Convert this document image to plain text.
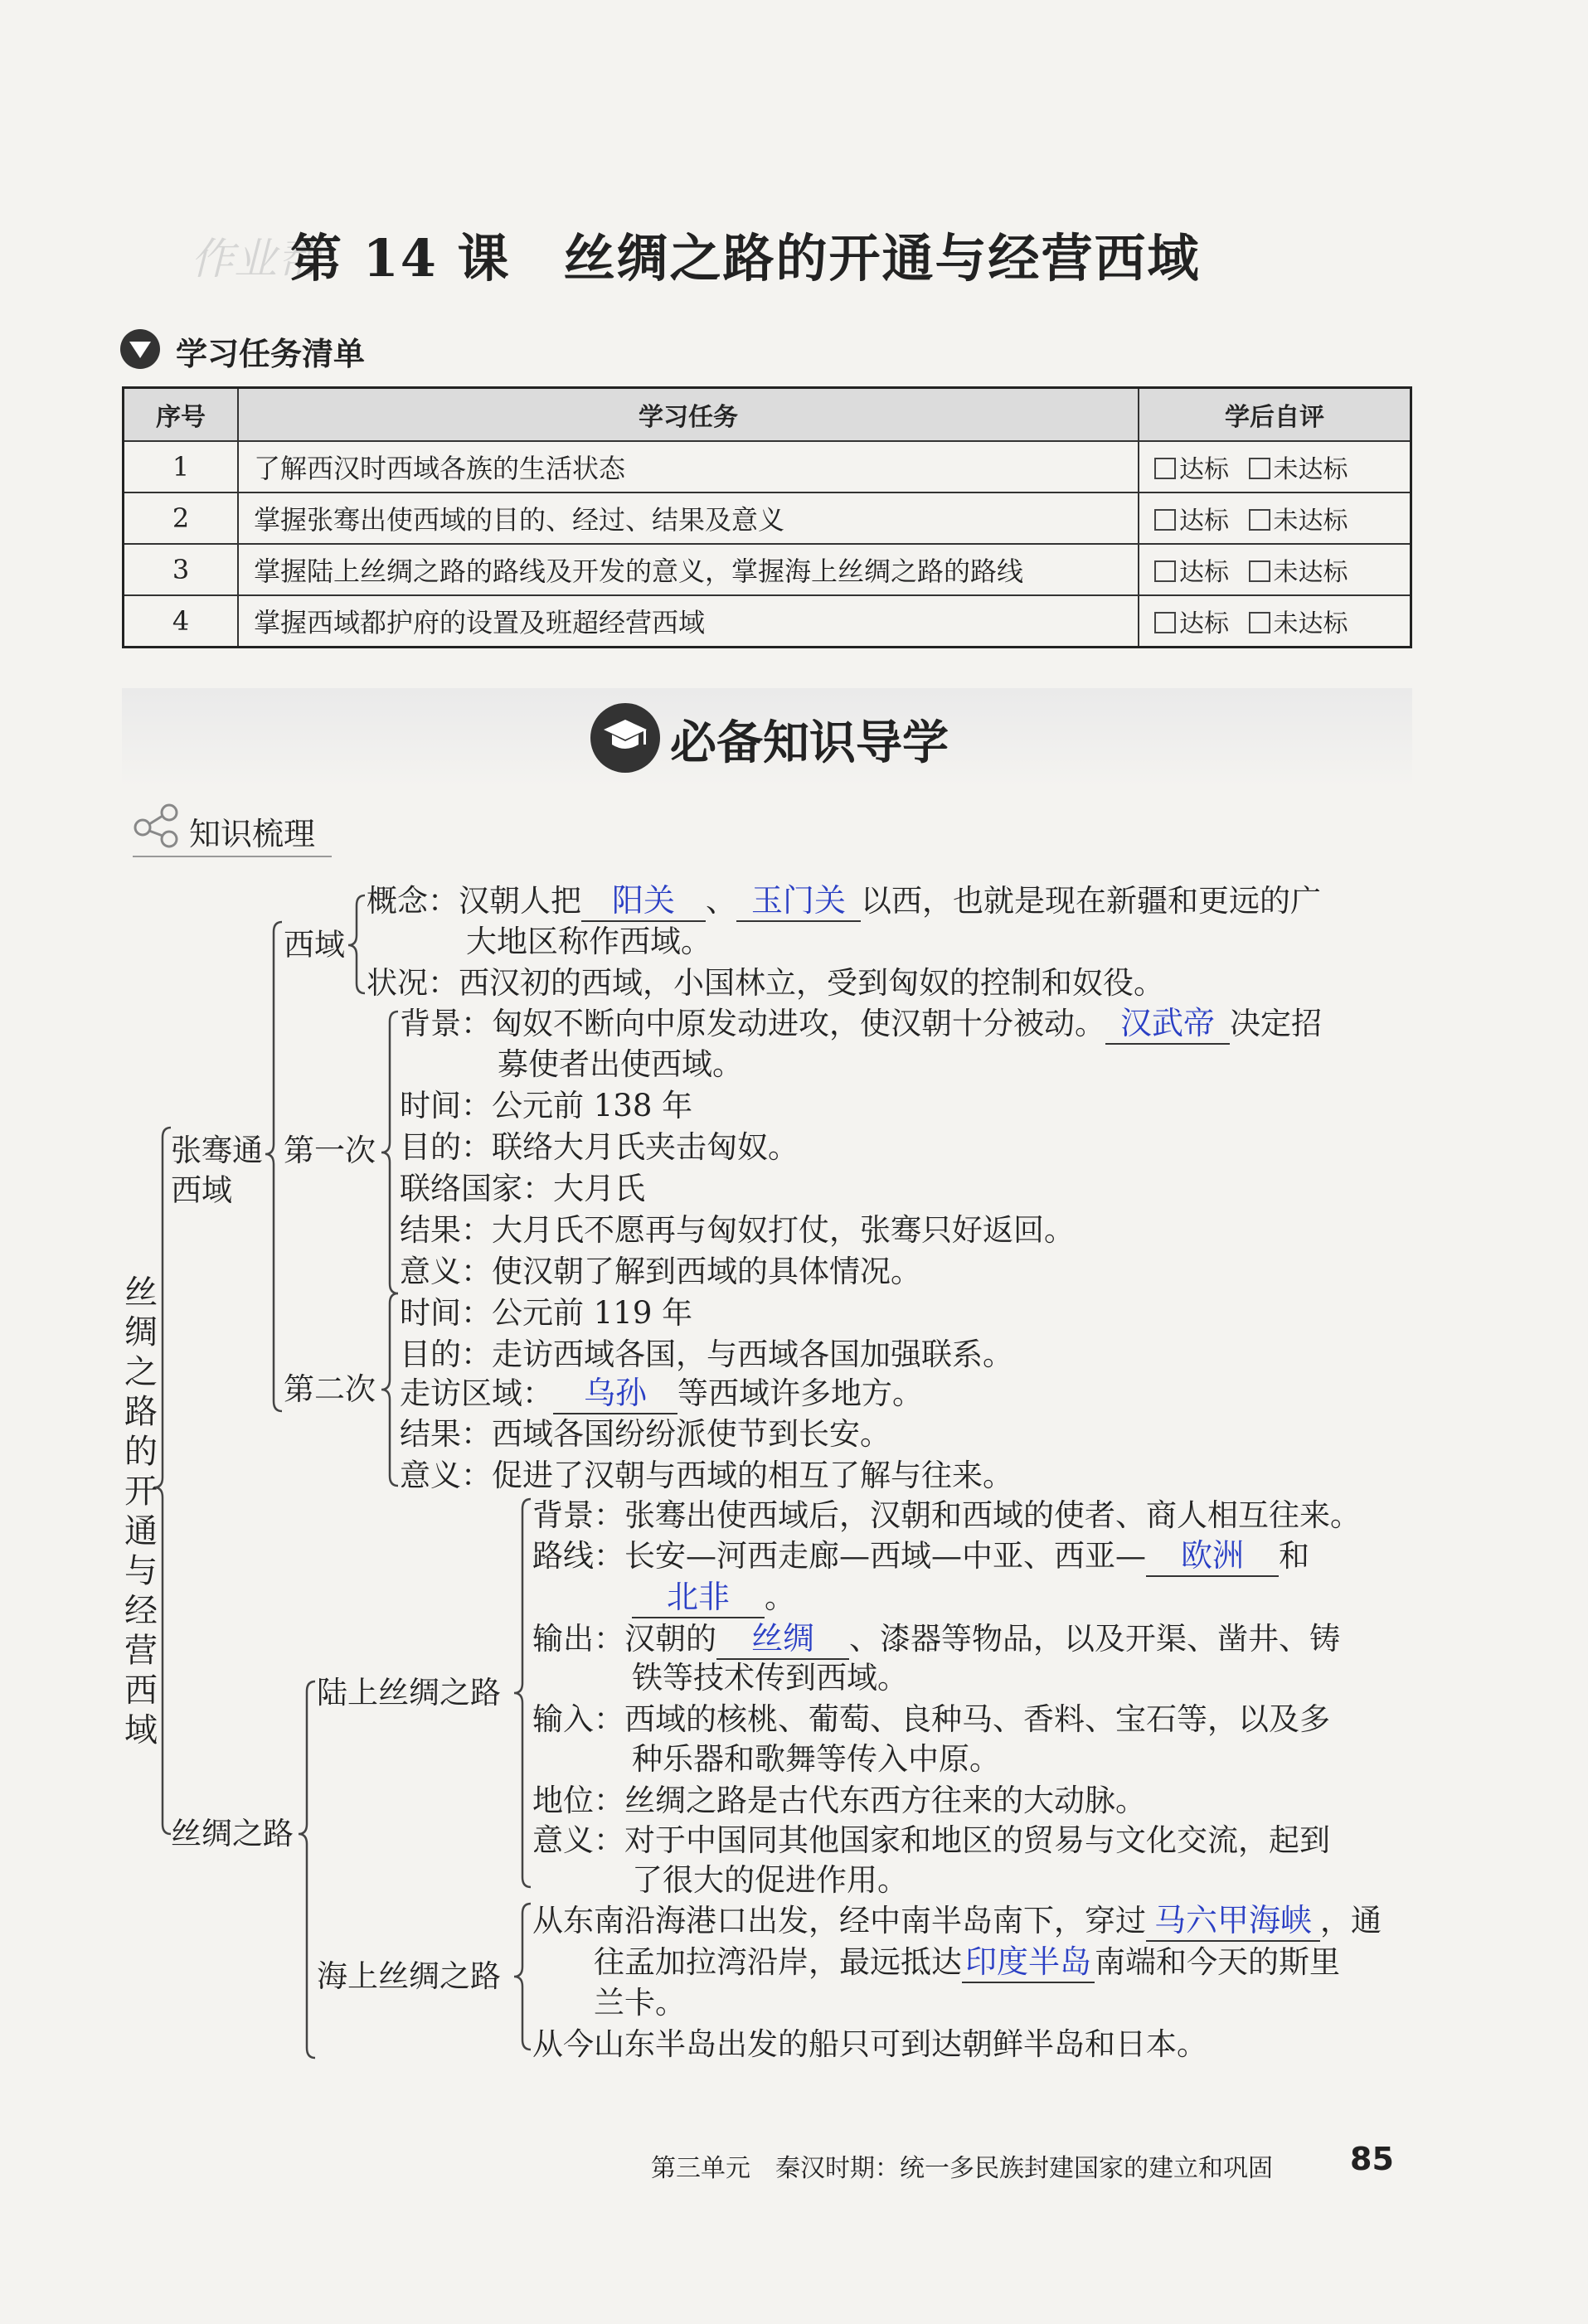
作业帮
第 14 课　丝绸之路的开通与经营西域
学习任务清单
序号	学习任务	学后自评
1	了解西汉时西域各族的生活状态	达标 未达标
2	掌握张骞出使西域的目的、经过、结果及意义	达标 未达标
3	掌握陆上丝绸之路的路线及开发的意义，掌握海上丝绸之路的路线	达标 未达标
4	掌握西域都护府的设置及班超经营西域	达标 未达标
必备知识导学
知识梳理
丝绸之路的开通与经营西域
西域
概念：汉朝人把 阳关 、 玉门关 以西，也就是现在新疆和更远的广
大地区称作西域。
状况：西汉初的西域，小国林立，受到匈奴的控制和奴役。
张骞通
西域
第一次
背景：匈奴不断向中原发动进攻，使汉朝十分被动。 汉武帝 决定招
募使者出使西域。
时间：公元前 138 年
目的：联络大月氏夹击匈奴。
联络国家：大月氏
结果：大月氏不愿再与匈奴打仗，张骞只好返回。
意义：使汉朝了解到西域的具体情况。
第二次
时间：公元前 119 年
目的：走访西域各国，与西域各国加强联系。
走访区域： 乌孙 等西域许多地方。
结果：西域各国纷纷派使节到长安。
意义：促进了汉朝与西域的相互了解与往来。
丝绸之路
陆上丝绸之路
背景：张骞出使西域后，汉朝和西域的使者、商人相互往来。
路线：长安—河西走廊—西域—中亚、西亚— 欧洲 和
北非 。
输出：汉朝的 丝绸 、漆器等物品，以及开渠、凿井、铸
铁等技术传到西域。
输入：西域的核桃、葡萄、良种马、香料、宝石等，以及多
种乐器和歌舞等传入中原。
地位：丝绸之路是古代东西方往来的大动脉。
意义：对于中国同其他国家和地区的贸易与文化交流，起到
了很大的促进作用。
海上丝绸之路
从东南沿海港口出发，经中南半岛南下，穿过 马六甲海峡 ，通
往孟加拉湾沿岸，最远抵达 印度半岛 南端和今天的斯里
兰卡。
从今山东半岛出发的船只可到达朝鲜半岛和日本。
第三单元　秦汉时期：统一多民族封建国家的建立和巩固 85
